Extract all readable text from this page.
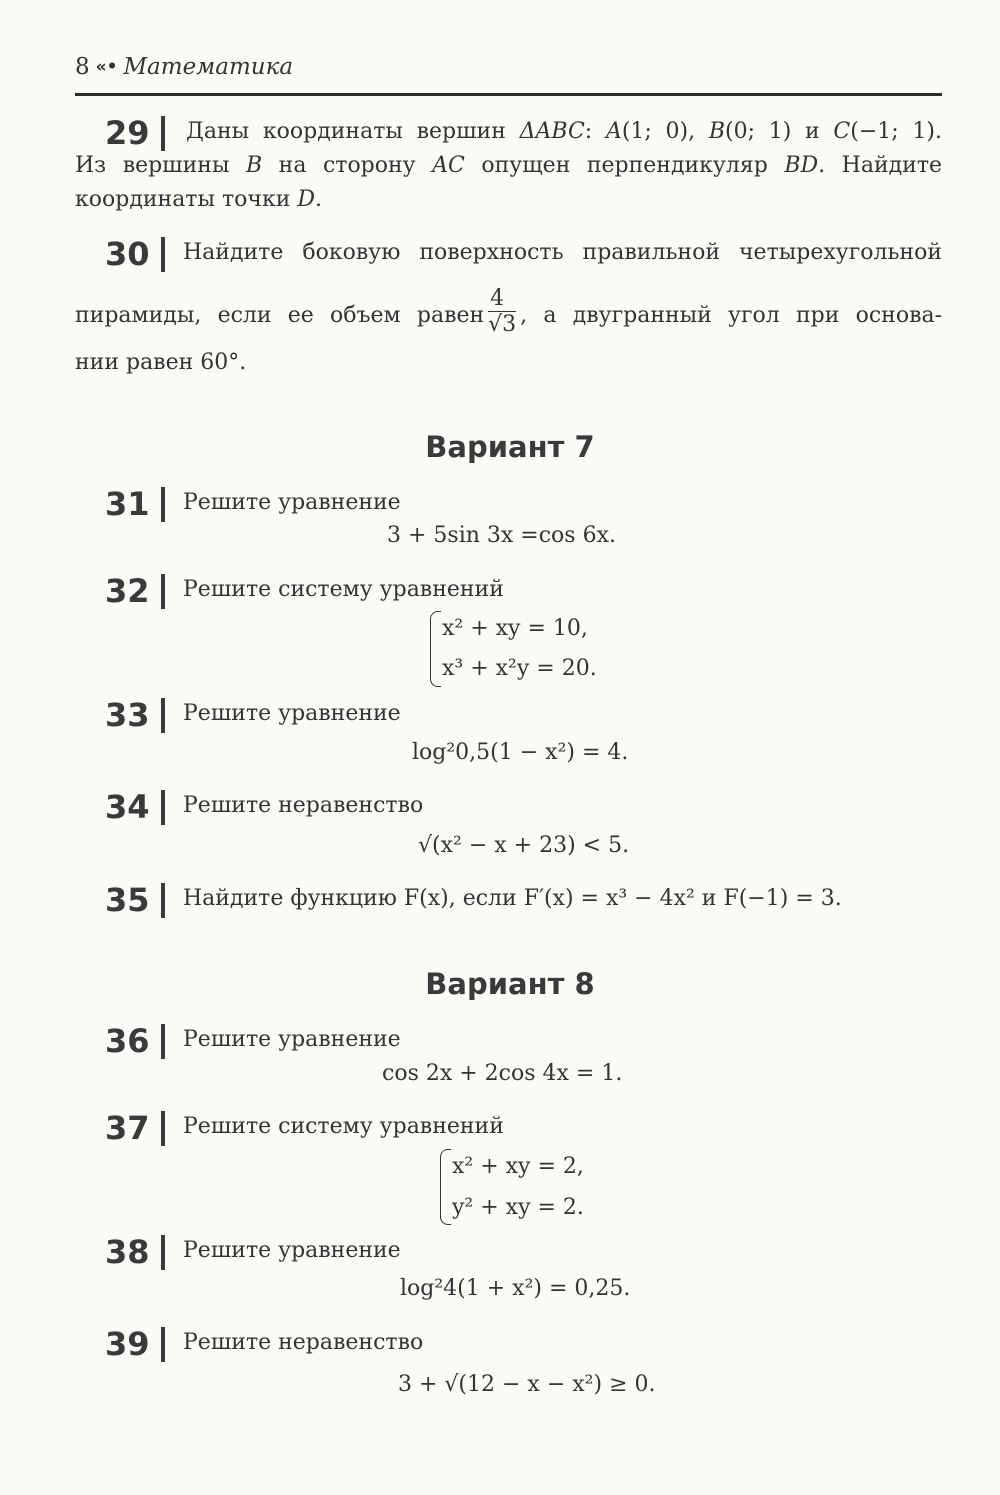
8 «• Математика
29 Даны координаты вершин ΔABC: A(1; 0), B(0; 1) и C(−1; 1).
Из вершины B на сторону AC опущен перпендикуляр BD. Найдите
координаты точки D.
30 Найдите боковую поверхность правильной четырехугольной
пирамиды, если ее объем равен $\frac{4}{√3}$ , а двугранный угол при основа-
нии равен 60°.
Вариант 7
31 Решите уравнение
3 + 5sin 3x =cos 6x.
32 Решите систему уравнений
x² + xy = 10,
x³ + x²y = 20.
33 Решите уравнение
log²0,5(1 − x²) = 4.
34 Решите неравенство
√(x² − x + 23) < 5.
35 Найдите функцию F(x), если F′(x) = x³ − 4x² и F(−1) = 3.
Вариант 8
36 Решите уравнение
cos 2x + 2cos 4x = 1.
37 Решите систему уравнений
x² + xy = 2,
y² + xy = 2.
38 Решите уравнение
log²4(1 + x²) = 0,25.
39 Решите неравенство
3 + √(12 − x − x²) ≥ 0.
